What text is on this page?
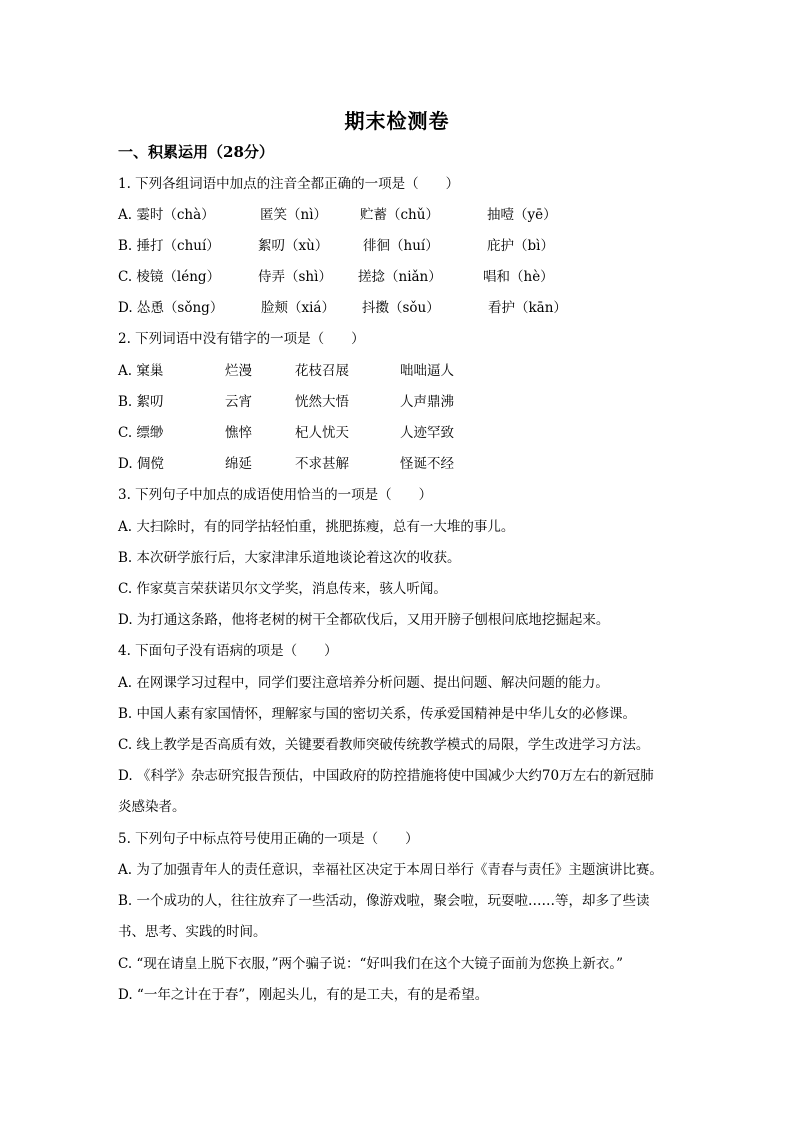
期末检测卷
一、积累运用（28分）
1. 下列各组词语中加点的注音全都正确的一项是（　　）
A. 霎时（chà）	匿笑（nì） 贮蓄（chǔ）	抽噎（yē）
B. 捶打（chuí）	絮叨（xù）	徘徊（huí）	庇护（bì）
C. 棱镜（léng）	侍弄（shì） 搓捻（niǎn）	唱和（hè）
D. 怂恿（sǒng）	脸颊（xiá） 抖擞（sǒu）	看护（kān）
2. 下列词语中没有错字的一项是（　　）
A. 窠巢	烂漫	花枝召展	咄咄逼人
B. 絮叨	云宵	恍然大悟	人声鼎沸
C. 缥缈	憔悴	杞人忧天	人迹罕致
D. 倜傥	绵延	不求甚解	怪诞不经
3. 下列句子中加点的成语使用恰当的一项是（　　）
A. 大扫除时，有的同学拈轻怕重，挑肥拣瘦，总有一大堆的事儿。
B. 本次研学旅行后，大家津津乐道地谈论着这次的收获。
C. 作家莫言荣获诺贝尔文学奖，消息传来，骇人听闻。
D. 为打通这条路，他将老树的树干全都砍伐后，又用开膀子刨根问底地挖掘起来。
4. 下面句子没有语病的项是（　　）
A. 在网课学习过程中，同学们要注意培养分析问题、提出问题、解决问题的能力。
B. 中国人素有家国情怀，理解家与国的密切关系，传承爱国精神是中华儿女的必修课。
C. 线上教学是否高质有效，关键要看教师突破传统教学模式的局限，学生改进学习方法。
D. 《科学》杂志研究报告预估，中国政府的防控措施将使中国减少大约70万左右的新冠肺
炎感染者。
5. 下列句子中标点符号使用正确的一项是（　　）
A. 为了加强青年人的责任意识，幸福社区决定于本周日举行《青春与责任》主题演讲比赛。
B. 一个成功的人，往往放弃了一些活动，像游戏啦，聚会啦，玩耍啦……等，却多了些读
书、思考、实践的时间。
C. “现在请皇上脱下衣服，”两个骗子说：“好叫我们在这个大镜子面前为您换上新衣。”
D. “一年之计在于春”，刚起头儿，有的是工夫，有的是希望。
